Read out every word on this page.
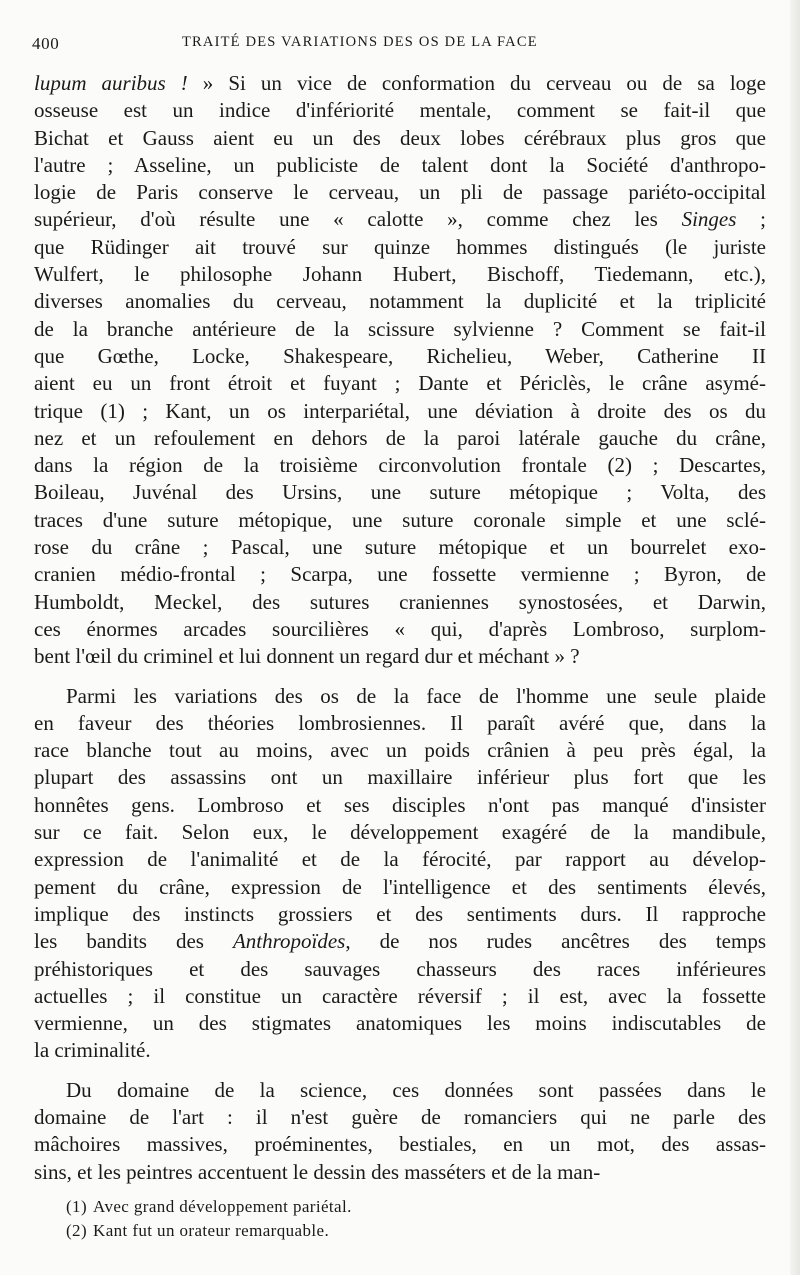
400	TRAITÉ DES VARIATIONS DES OS DE LA FACE
lupum auribus ! » Si un vice de conformation du cerveau ou de sa loge
osseuse est un indice d'infériorité mentale, comment se fait-il que
Bichat et Gauss aient eu un des deux lobes cérébraux plus gros que
l'autre ; Asseline, un publiciste de talent dont la Société d'anthropo-
logie de Paris conserve le cerveau, un pli de passage pariéto-occipital
supérieur, d'où résulte une « calotte », comme chez les Singes ;
que Rüdinger ait trouvé sur quinze hommes distingués (le juriste
Wulfert, le philosophe Johann Hubert, Bischoff, Tiedemann, etc.),
diverses anomalies du cerveau, notamment la duplicité et la triplicité
de la branche antérieure de la scissure sylvienne ? Comment se fait-il
que Gœthe, Locke, Shakespeare, Richelieu, Weber, Catherine II
aient eu un front étroit et fuyant ; Dante et Périclès, le crâne asymé-
trique (1) ; Kant, un os interpariétal, une déviation à droite des os du
nez et un refoulement en dehors de la paroi latérale gauche du crâne,
dans la région de la troisième circonvolution frontale (2) ; Descartes,
Boileau, Juvénal des Ursins, une suture métopique ; Volta, des
traces d'une suture métopique, une suture coronale simple et une sclé-
rose du crâne ; Pascal, une suture métopique et un bourrelet exo-
cranien médio-frontal ; Scarpa, une fossette vermienne ; Byron, de
Humboldt, Meckel, des sutures craniennes synostosées, et Darwin,
ces énormes arcades sourcilières « qui, d'après Lombroso, surplom-
bent l'œil du criminel et lui donnent un regard dur et méchant » ?
Parmi les variations des os de la face de l'homme une seule plaide
en faveur des théories lombrosiennes. Il paraît avéré que, dans la
race blanche tout au moins, avec un poids crânien à peu près égal, la
plupart des assassins ont un maxillaire inférieur plus fort que les
honnêtes gens. Lombroso et ses disciples n'ont pas manqué d'insister
sur ce fait. Selon eux, le développement exagéré de la mandibule,
expression de l'animalité et de la férocité, par rapport au dévelop-
pement du crâne, expression de l'intelligence et des sentiments élevés,
implique des instincts grossiers et des sentiments durs. Il rapproche
les bandits des Anthropoïdes, de nos rudes ancêtres des temps
préhistoriques et des sauvages chasseurs des races inférieures
actuelles ; il constitue un caractère réversif ; il est, avec la fossette
vermienne, un des stigmates anatomiques les moins indiscutables de
la criminalité.
Du domaine de la science, ces données sont passées dans le
domaine de l'art : il n'est guère de romanciers qui ne parle des
mâchoires massives, proéminentes, bestiales, en un mot, des assas-
sins, et les peintres accentuent le dessin des masséters et de la man-
(1) Avec grand développement pariétal.
(2) Kant fut un orateur remarquable.
